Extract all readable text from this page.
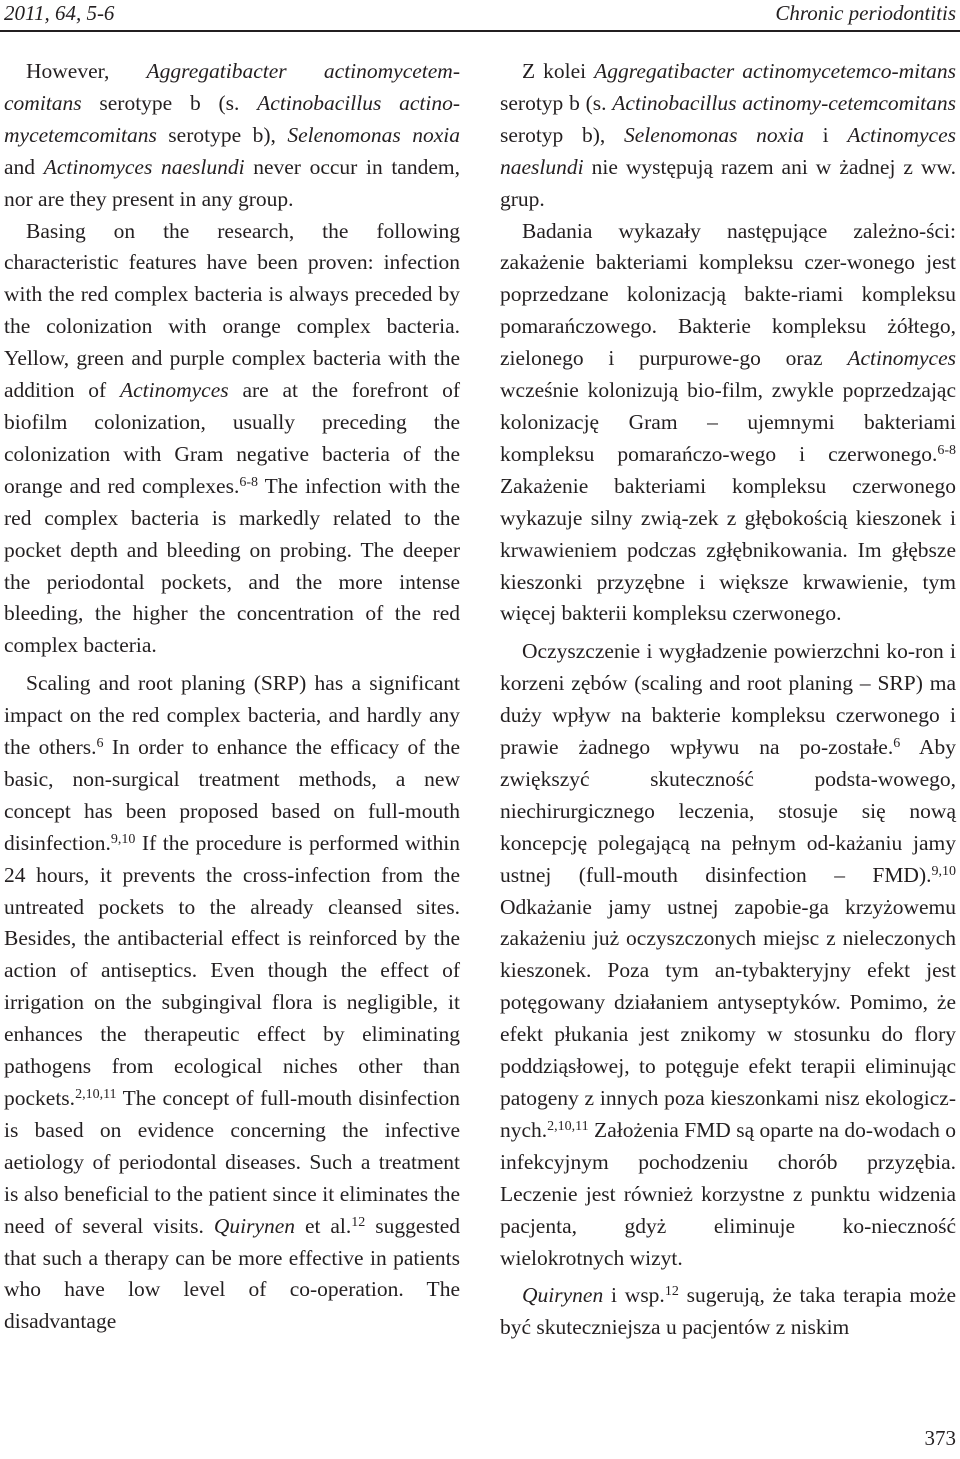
2011, 64, 5-6	Chronic periodontitis

However, Aggregatibacter actinomycetem-comitans serotype b (s. Actinobacillus actino-mycetemcomitans serotype b), Selenomonas noxia and Actinomyces naeslundi never occur in tandem, nor are they present in any group.

Basing on the research, the following characteristic features have been proven: infection with the red complex bacteria is always preceded by the colonization with orange complex bacteria. Yellow, green and purple complex bacteria with the addition of Actinomyces are at the forefront of biofilm colonization, usually preceding the colonization with Gram negative bacteria of the orange and red complexes.$^{6-8}$ The infection with the red complex bacteria is markedly related to the pocket depth and bleeding on probing. The deeper the periodontal pockets, and the more intense bleeding, the higher the concentration of the red complex bacteria.

Scaling and root planing (SRP) has a significant impact on the red complex bacteria, and hardly any the others.$^6$ In order to enhance the efficacy of the basic, non-surgical treatment methods, a new concept has been proposed based on full-mouth disinfection.$^{9,10}$ If the procedure is performed within 24 hours, it prevents the cross-infection from the untreated pockets to the already cleansed sites. Besides, the antibacterial effect is reinforced by the action of antiseptics. Even though the effect of irrigation on the subgingival flora is negligible, it enhances the therapeutic effect by eliminating pathogens from ecological niches other than pockets.$^{2,10,11}$ The concept of full-mouth disinfection is based on evidence concerning the infective aetiology of periodontal diseases. Such a treatment is also beneficial to the patient since it eliminates the need of several visits. Quirynen et al.$^{12}$ suggested that such a therapy can be more effective in patients who have low level of co-operation. The disadvantage

Z kolei Aggregatibacter actinomycetemco-mitans serotyp b (s. Actinobacillus actinomy-cetemcomitans serotyp b), Selenomonas noxia i Actinomyces naeslundi nie występują razem ani w żadnej z ww. grup.

Badania wykazały następujące zależno-ści: zakażenie bakteriami kompleksu czer-wonego jest poprzedzane kolonizacją bakte-riami kompleksu pomarańczowego. Bakterie kompleksu żółtego, zielonego i purpurowe-go oraz Actinomyces wcześnie kolonizują bio-film, zwykle poprzedzając kolonizację Gram – ujemnymi bakteriami kompleksu pomarańczo-wego i czerwonego.$^{6-8}$ Zakażenie bakteriami kompleksu czerwonego wykazuje silny zwią-zek z głębokością kieszonek i krwawieniem podczas zgłębnikowania. Im głębsze kieszonki przyzębne i większe krwawienie, tym więcej bakterii kompleksu czerwonego.

Oczyszczenie i wygładzenie powierzchni ko-ron i korzeni zębów (scaling and root planing – SRP) ma duży wpływ na bakterie kompleksu czerwonego i prawie żadnego wpływu na po-zostałe.$^6$ Aby zwiększyć skuteczność podsta-wowego, niechirurgicznego leczenia, stosuje się nową koncepcję polegającą na pełnym od-każaniu jamy ustnej (full-mouth disinfection – FMD).$^{9,10}$ Odkażanie jamy ustnej zapobie-ga krzyżowemu zakażeniu już oczyszczonych miejsc z nieleczonych kieszonek. Poza tym an-tybakteryjny efekt jest potęgowany działaniem antyseptyków. Pomimo, że efekt płukania jest znikomy w stosunku do flory poddziąsłowej, to potęguje efekt terapii eliminując patogeny z innych poza kieszonkami nisz ekologicz-nych.$^{2,10,11}$ Założenia FMD są oparte na do-wodach o infekcyjnym pochodzeniu chorób przyzębia. Leczenie jest również korzystne z punktu widzenia pacjenta, gdyż eliminuje ko-nieczność wielokrotnych wizyt.

Quirynen i wsp.$^{12}$ sugerują, że taka terapia może być skuteczniejsza u pacjentów z niskim

373
